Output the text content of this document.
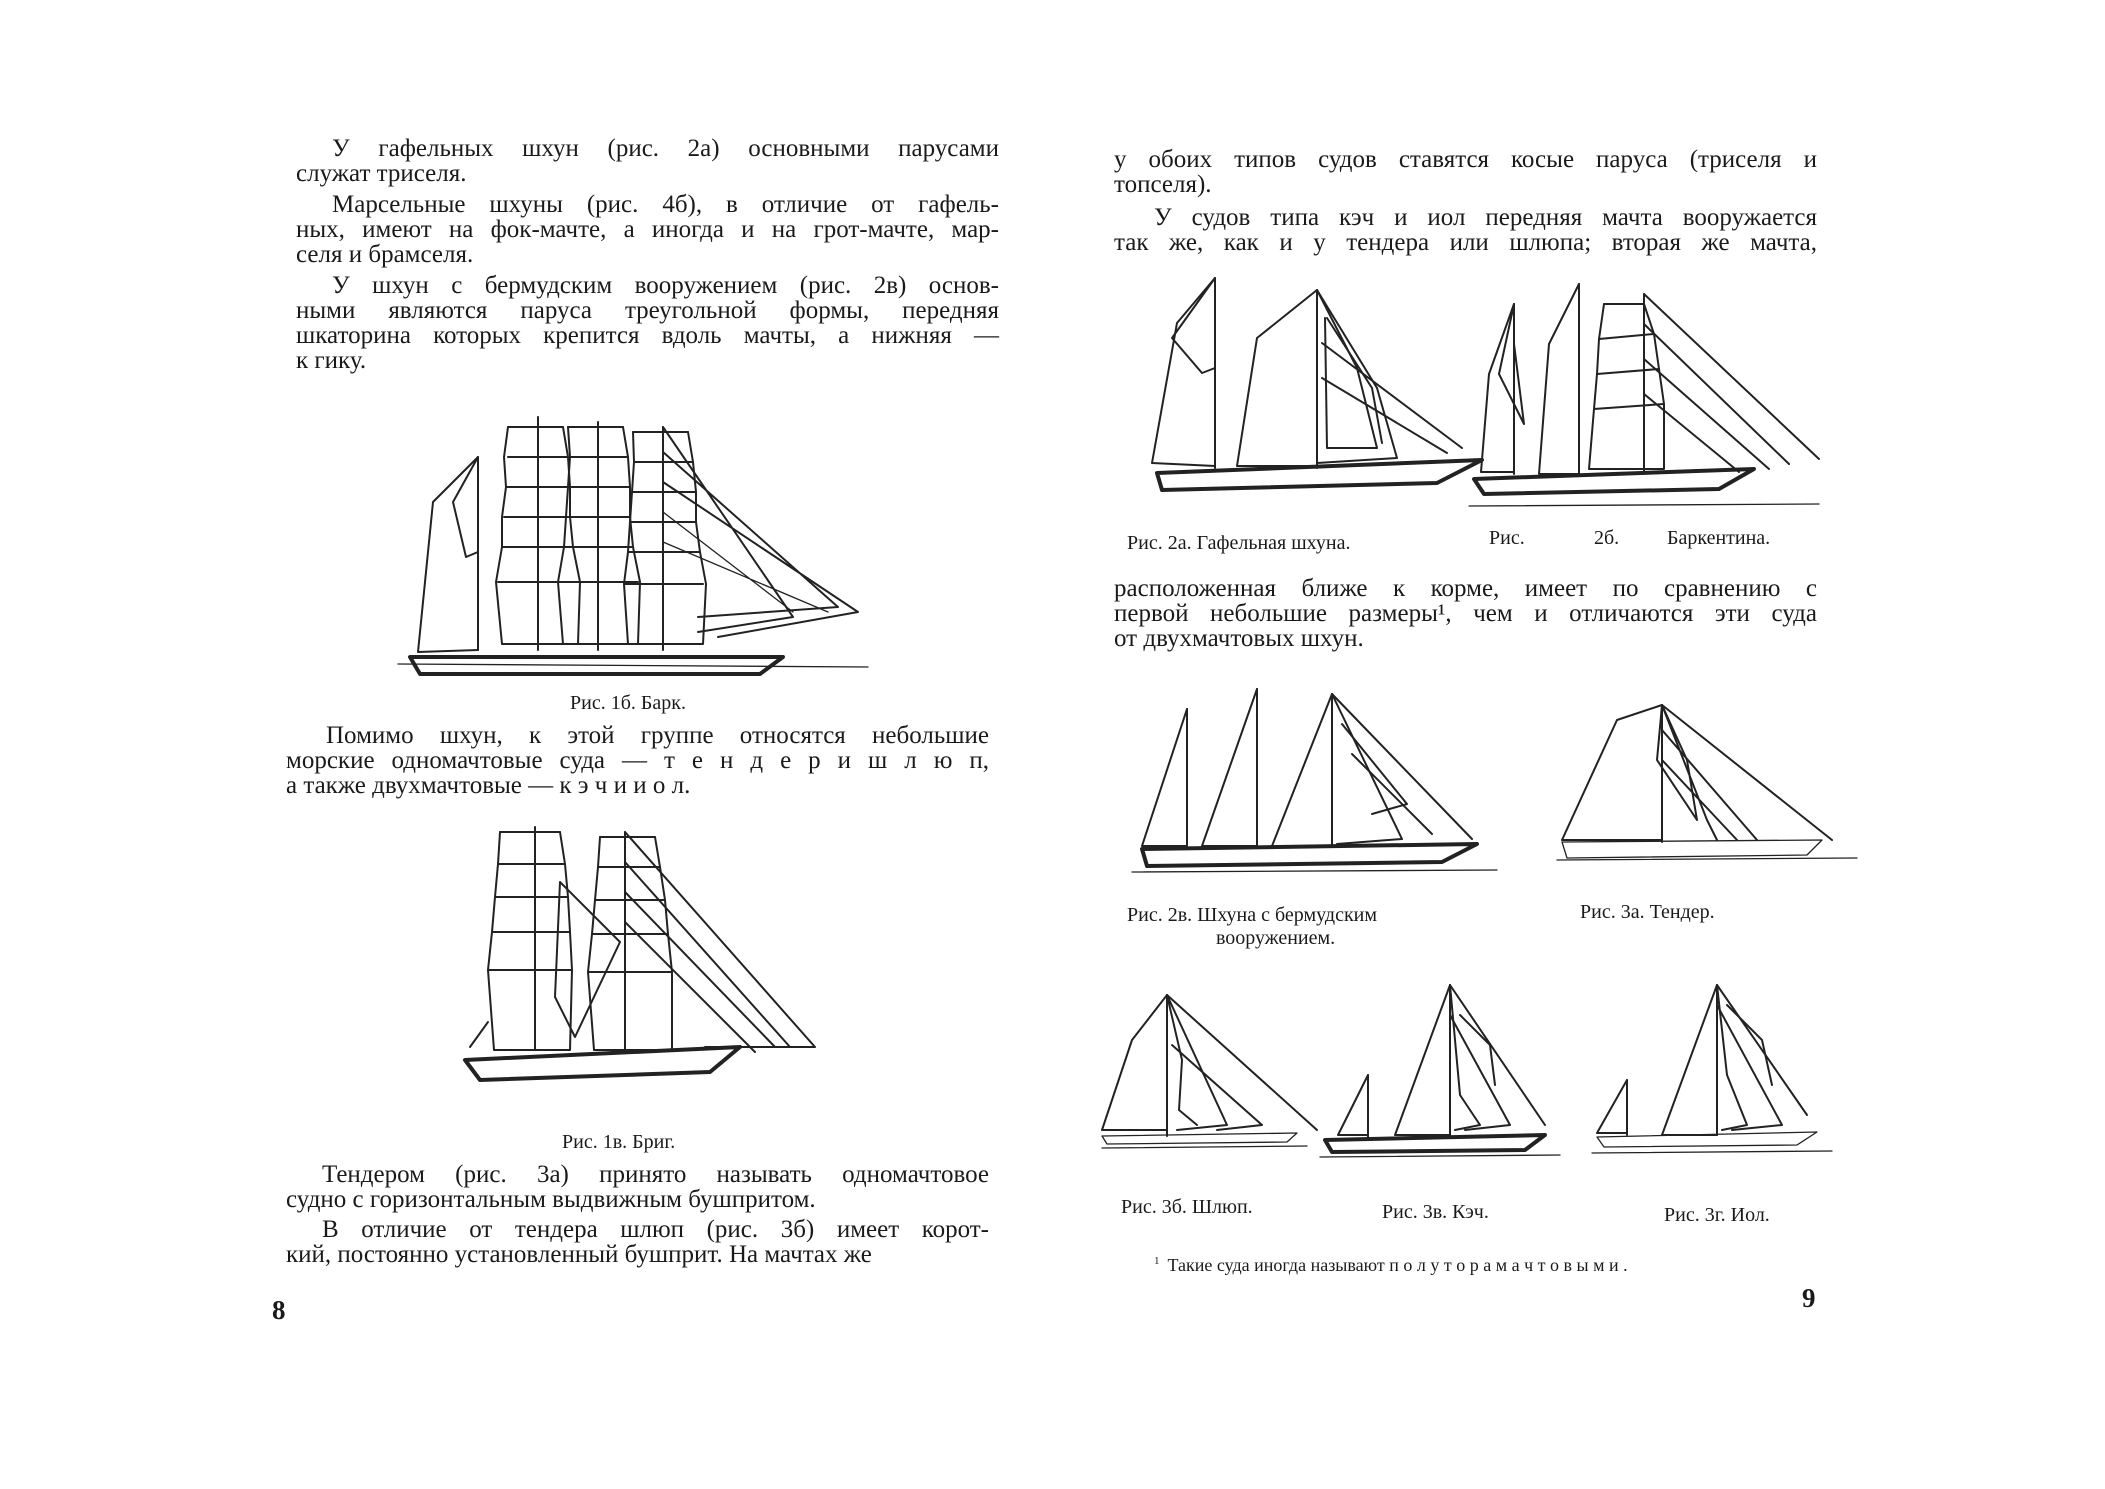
У гафельных шхун (рис. 2а) основными парусами
служат триселя.
Марсельные шхуны (рис. 4б), в отличие от гафель-
ных, имеют на фок-мачте, а иногда и на грот-мачте, мар-
селя и брамселя.
У шхун с бермудским вооружением (рис. 2в) основ-
ными являются паруса треугольной формы, передняя
шкаторина которых крепится вдоль мачты, а нижняя —
к гику.
Рис. 1б. Барк.
Помимо шхун, к этой группе относятся небольшие
морские одномачтовые суда — т е н д е р и ш л ю п,
а также двухмачтовые — к э ч и и о л.
Рис. 1в. Бриг.
Тендером (рис. 3а) принято называть одномачтовое
судно с горизонтальным выдвижным бушпритом.
В отличие от тендера шлюп (рис. 3б) имеет корот-
кий, постоянно установленный бушприт. На мачтах же
8
у обоих типов судов ставятся косые паруса (триселя и
топселя).
У судов типа кэч и иол передняя мачта вооружается
так же, как и у тендера или шлюпа; вторая же мачта,
Рис. 2а. Гафельная шхуна.	Рис.	2б. Баркентина.
расположенная ближе к корме, имеет по сравнению с
первой небольшие размеры¹, чем и отличаются эти суда
от двухмачтовых шхун.
Рис. 2в. Шхуна с бермудским
вооружением.
Рис. 3а. Тендер.
Рис. 3б. Шлюп.	Рис. 3в. Кэч.	Рис. 3г. Иол.
$^1$ Такие суда иногда называют п о л у т о р а м а ч т о в ы м и .
9
